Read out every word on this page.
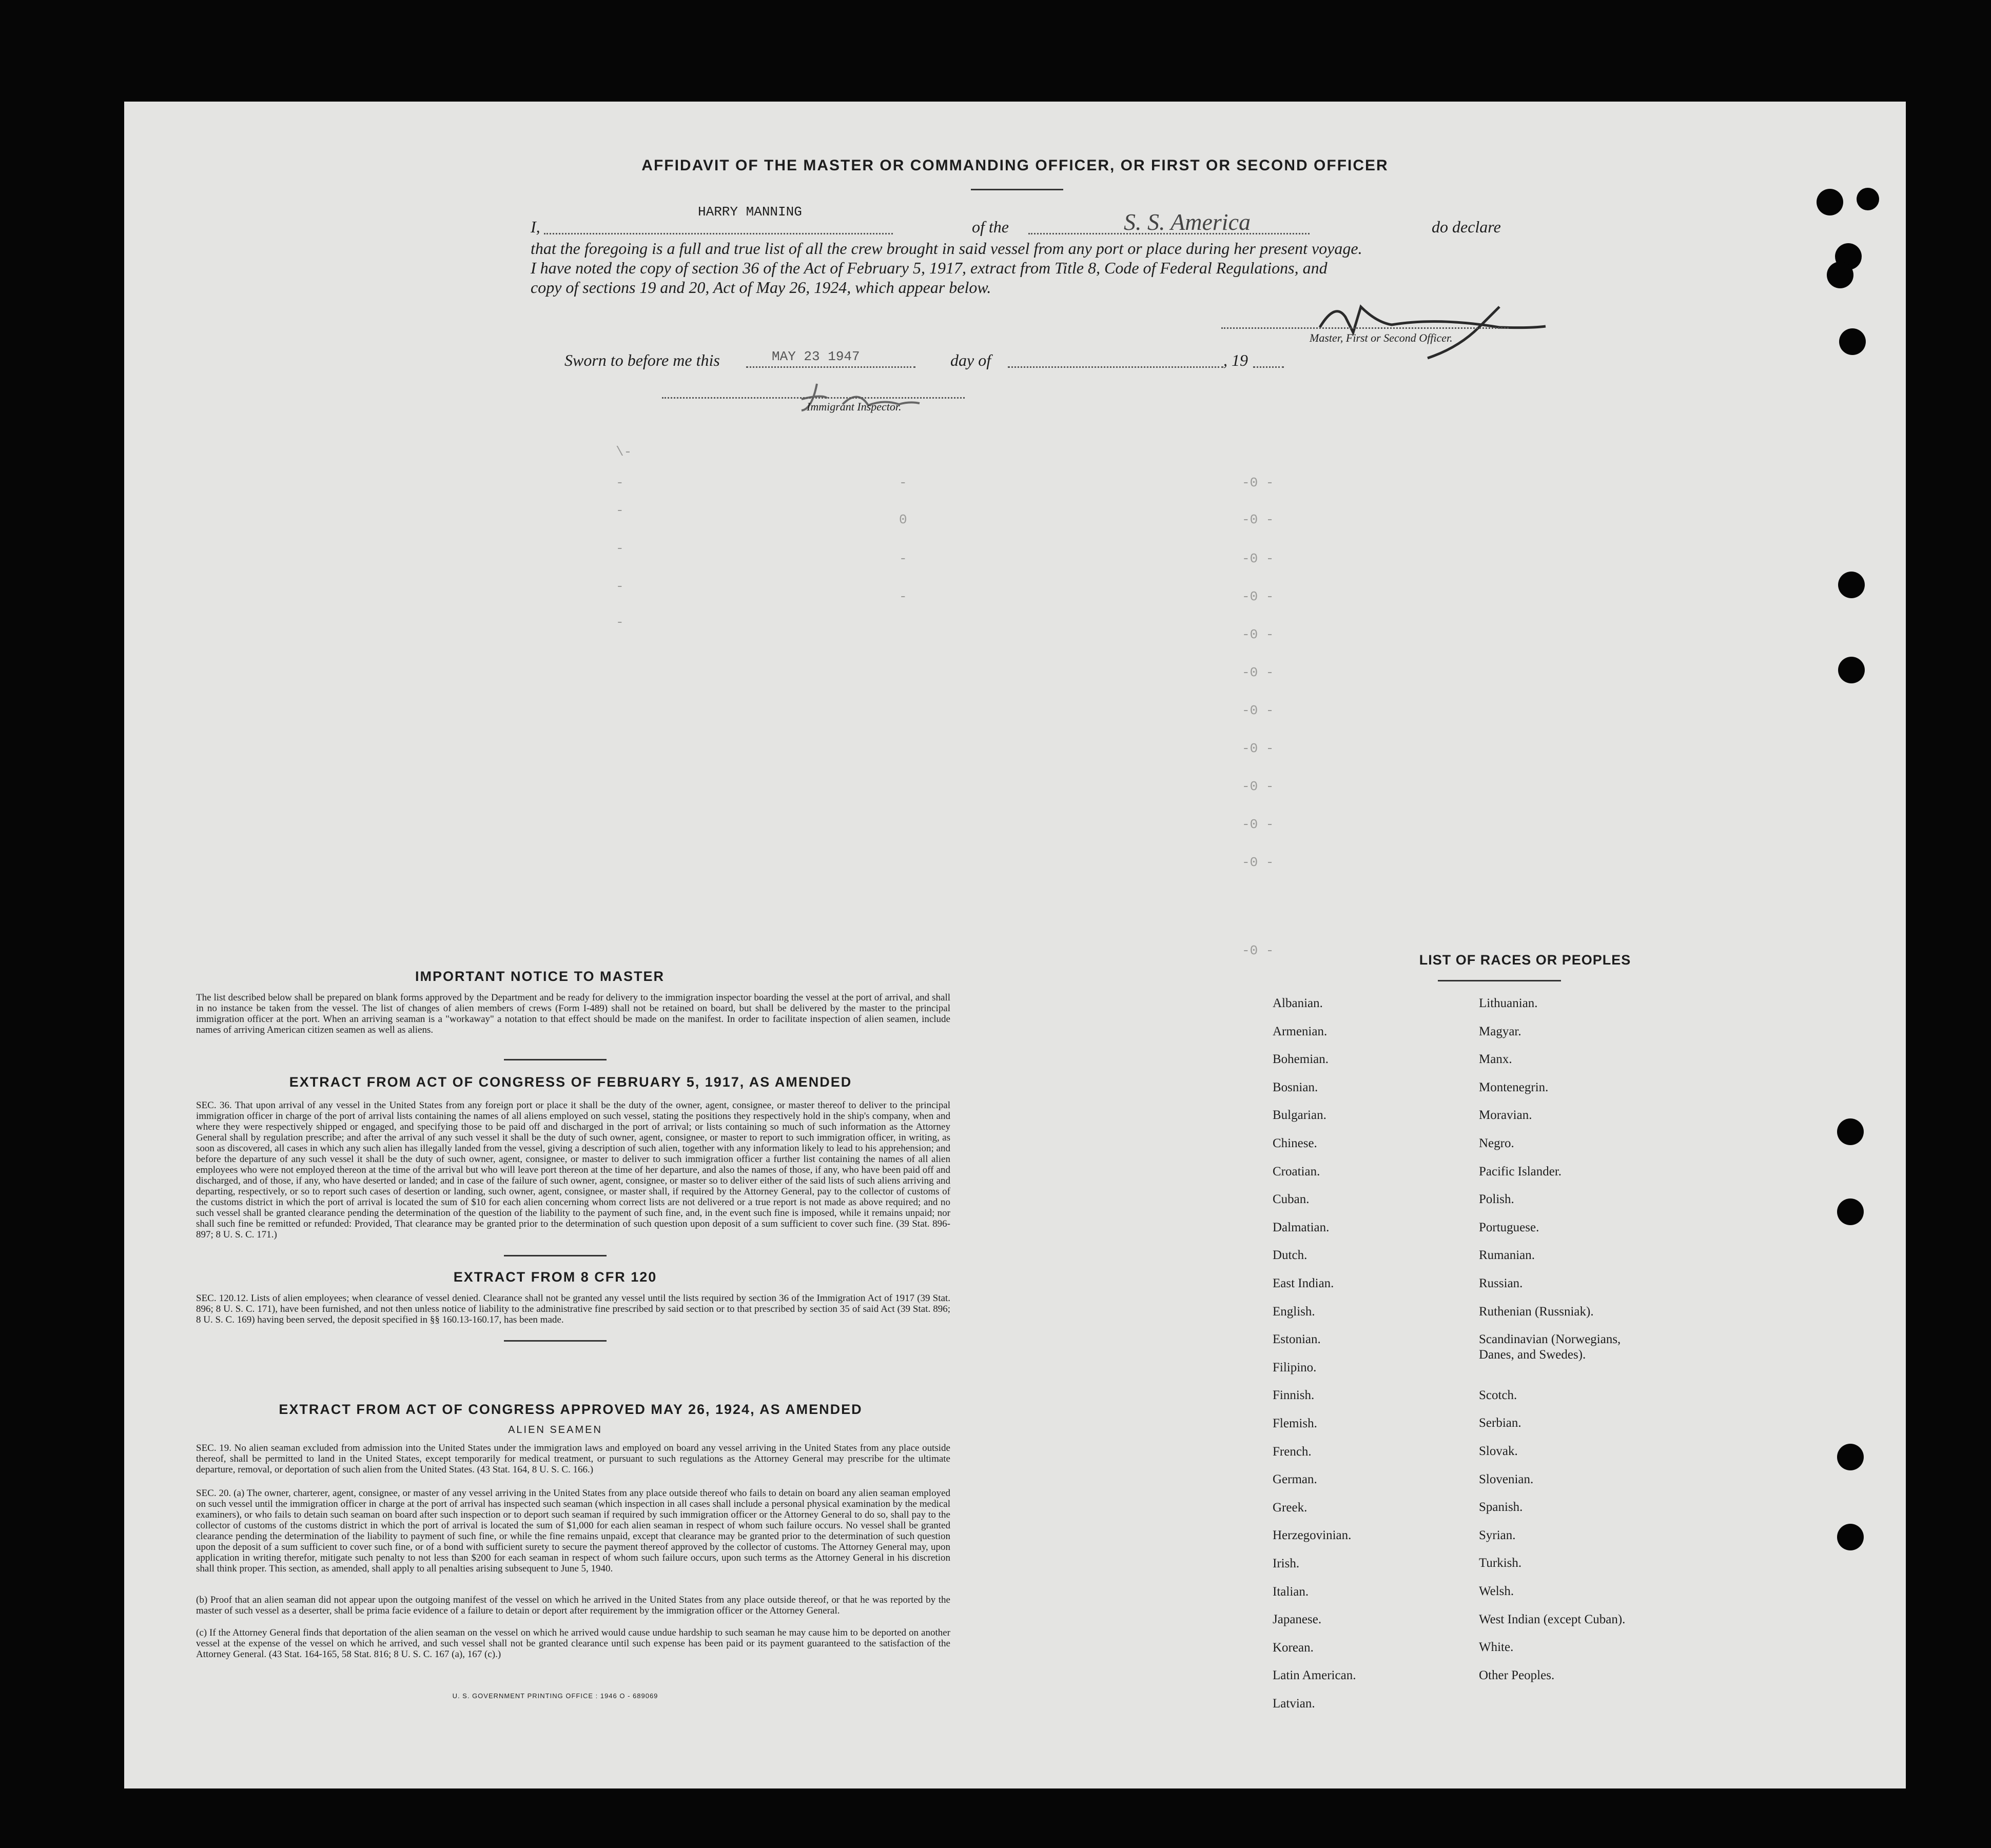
AFFIDAVIT OF THE MASTER OR COMMANDING OFFICER, OR FIRST OR SECOND OFFICER
I,
HARRY MANNING
of the	S. S. America	do declare
that the foregoing is a full and true list of all the crew brought in said vessel from any port or place during her present voyage.
I have noted the copy of section 36 of the Act of February 5, 1917, extract from Title 8, Code of Federal Regulations, and
copy of sections 19 and 20, Act of May 26, 1924, which appear below.
Master, First or Second Officer.
Sworn to before me this	MAY 23 1947	day of	, 19
Immigrant Inspector.
\-
-
-
-
-
-
-
0
-
-
-0 -
-0 -
-0 -
-0 -
-0 -
-0 -
-0 -
-0 -
-0 -
-0 -
-0 -
-0 -
IMPORTANT NOTICE TO MASTER
The list described below shall be prepared on blank forms approved by the Department and be ready for delivery to the immigration inspector boarding the vessel at the port of arrival, and shall in no instance be taken from the vessel. The list of changes of alien members of crews (Form I-489) shall not be retained on board, but shall be delivered by the master to the principal immigration officer at the port. When an arriving seaman is a "workaway" a notation to that effect should be made on the manifest. In order to facilitate inspection of alien seamen, include names of arriving American citizen seamen as well as aliens.
EXTRACT FROM ACT OF CONGRESS OF FEBRUARY 5, 1917, AS AMENDED
SEC. 36. That upon arrival of any vessel in the United States from any foreign port or place it shall be the duty of the owner, agent, consignee, or master thereof to deliver to the principal immigration officer in charge of the port of arrival lists containing the names of all aliens employed on such vessel, stating the positions they respectively hold in the ship's company, when and where they were respectively shipped or engaged, and specifying those to be paid off and discharged in the port of arrival; or lists containing so much of such information as the Attorney General shall by regulation prescribe; and after the arrival of any such vessel it shall be the duty of such owner, agent, consignee, or master to report to such immigration officer, in writing, as soon as discovered, all cases in which any such alien has illegally landed from the vessel, giving a description of such alien, together with any information likely to lead to his apprehension; and before the departure of any such vessel it shall be the duty of such owner, agent, consignee, or master to deliver to such immigration officer a further list containing the names of all alien employees who were not employed thereon at the time of the arrival but who will leave port thereon at the time of her departure, and also the names of those, if any, who have been paid off and discharged, and of those, if any, who have deserted or landed; and in case of the failure of such owner, agent, consignee, or master so to deliver either of the said lists of such aliens arriving and departing, respectively, or so to report such cases of desertion or landing, such owner, agent, consignee, or master shall, if required by the Attorney General, pay to the collector of customs of the customs district in which the port of arrival is located the sum of $10 for each alien concerning whom correct lists are not delivered or a true report is not made as above required; and no such vessel shall be granted clearance pending the determination of the question of the liability to the payment of such fine, and, in the event such fine is imposed, while it remains unpaid; nor shall such fine be remitted or refunded: Provided, That clearance may be granted prior to the determination of such question upon deposit of a sum sufficient to cover such fine. (39 Stat. 896-897; 8 U. S. C. 171.)
EXTRACT FROM 8 CFR 120
SEC. 120.12. Lists of alien employees; when clearance of vessel denied. Clearance shall not be granted any vessel until the lists required by section 36 of the Immigration Act of 1917 (39 Stat. 896; 8 U. S. C. 171), have been furnished, and not then unless notice of liability to the administrative fine prescribed by said section or to that prescribed by section 35 of said Act (39 Stat. 896; 8 U. S. C. 169) having been served, the deposit specified in §§ 160.13-160.17, has been made.
EXTRACT FROM ACT OF CONGRESS APPROVED MAY 26, 1924, AS AMENDED
ALIEN SEAMEN
SEC. 19. No alien seaman excluded from admission into the United States under the immigration laws and employed on board any vessel arriving in the United States from any place outside thereof, shall be permitted to land in the United States, except temporarily for medical treatment, or pursuant to such regulations as the Attorney General may prescribe for the ultimate departure, removal, or deportation of such alien from the United States. (43 Stat. 164, 8 U. S. C. 166.)
SEC. 20. (a) The owner, charterer, agent, consignee, or master of any vessel arriving in the United States from any place outside thereof who fails to detain on board any alien seaman employed on such vessel until the immigration officer in charge at the port of arrival has inspected such seaman (which inspection in all cases shall include a personal physical examination by the medical examiners), or who fails to detain such seaman on board after such inspection or to deport such seaman if required by such immigration officer or the Attorney General to do so, shall pay to the collector of customs of the customs district in which the port of arrival is located the sum of $1,000 for each alien seaman in respect of whom such failure occurs. No vessel shall be granted clearance pending the determination of the liability to payment of such fine, or while the fine remains unpaid, except that clearance may be granted prior to the determination of such question upon the deposit of a sum sufficient to cover such fine, or of a bond with sufficient surety to secure the payment thereof approved by the collector of customs. The Attorney General may, upon application in writing therefor, mitigate such penalty to not less than $200 for each seaman in respect of whom such failure occurs, upon such terms as the Attorney General in his discretion shall think proper. This section, as amended, shall apply to all penalties arising subsequent to June 5, 1940.
(b) Proof that an alien seaman did not appear upon the outgoing manifest of the vessel on which he arrived in the United States from any place outside thereof, or that he was reported by the master of such vessel as a deserter, shall be prima facie evidence of a failure to detain or deport after requirement by the immigration officer or the Attorney General.
(c) If the Attorney General finds that deportation of the alien seaman on the vessel on which he arrived would cause undue hardship to such seaman he may cause him to be deported on another vessel at the expense of the vessel on which he arrived, and such vessel shall not be granted clearance until such expense has been paid or its payment guaranteed to the satisfaction of the Attorney General. (43 Stat. 164-165, 58 Stat. 816; 8 U. S. C. 167 (a), 167 (c).)
U. S. GOVERNMENT PRINTING OFFICE : 1946 O - 689069
LIST OF RACES OR PEOPLES
Albanian.
Armenian.
Bohemian.
Bosnian.
Bulgarian.
Chinese.
Croatian.
Cuban.
Dalmatian.
Dutch.
East Indian.
English.
Estonian.
Filipino.
Finnish.
Flemish.
French.
German.
Greek.
Herzegovinian.
Irish.
Italian.
Japanese.
Korean.
Latin American.
Latvian.
Lithuanian.
Magyar.
Manx.
Montenegrin.
Moravian.
Negro.
Pacific Islander.
Polish.
Portuguese.
Rumanian.
Russian.
Ruthenian (Russniak).
Scandinavian (Norwegians,
Danes, and Swedes).
Scotch.
Serbian.
Slovak.
Slovenian.
Spanish.
Syrian.
Turkish.
Welsh.
West Indian (except Cuban).
White.
Other Peoples.
